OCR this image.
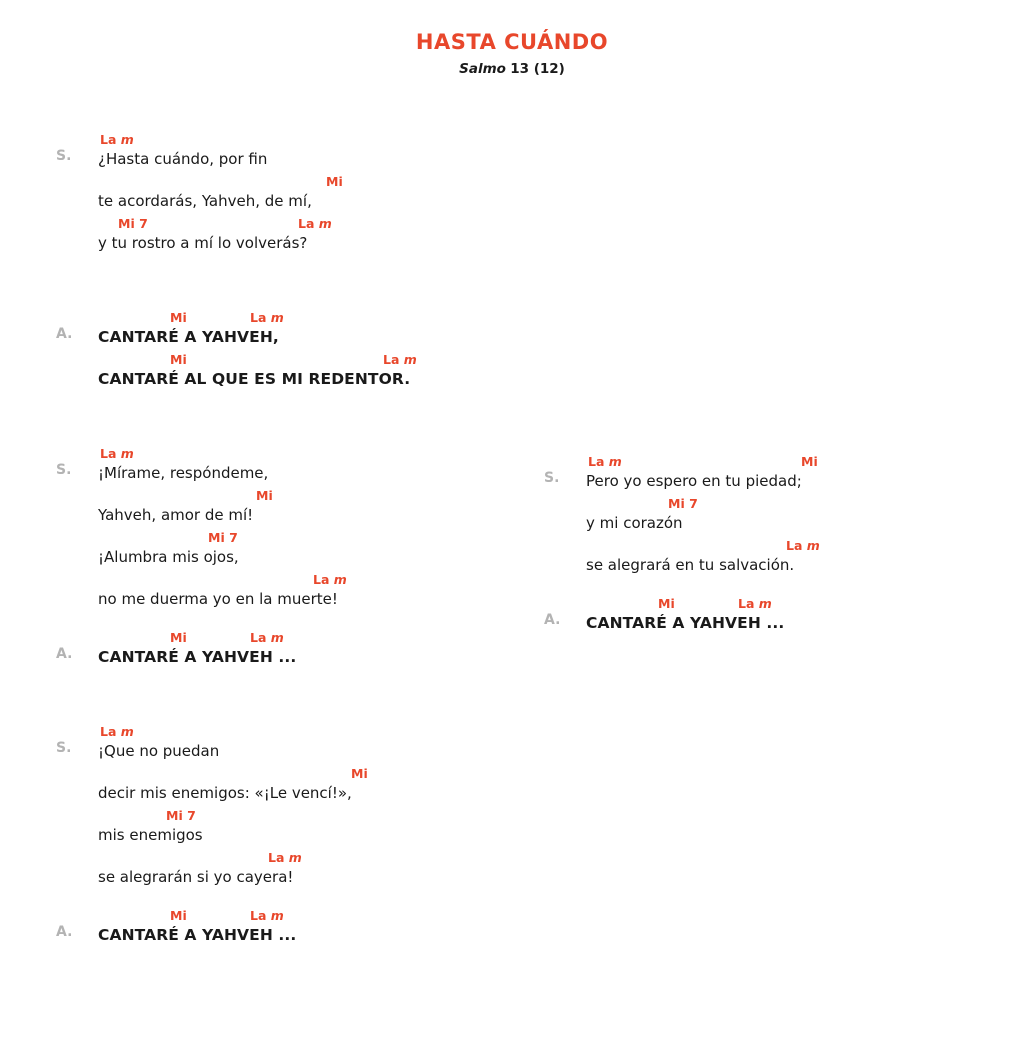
HASTA CUÁNDO
Salmo 13 (12)
S.
La m
¿Hasta cuándo, por fin
Mi
te acordarás, Yahveh, de mí,
Mi 7	La m
y tu rostro a mí lo volverás?
A.
Mi	La m
CANTARÉ A YAHVEH,
Mi	La m
CANTARÉ AL QUE ES MI REDENTOR.
S.
La m
¡Mírame, respóndeme,
Mi
Yahveh, amor de mí!
Mi 7
¡Alumbra mis ojos,
La m
no me duerma yo en la muerte!
A.
Mi	La m
CANTARÉ A YAHVEH ...
S.
La m
¡Que no puedan
Mi
decir mis enemigos: «¡Le vencí!»,
Mi 7
mis enemigos
La m
se alegrarán si yo cayera!
A.
Mi	La m
CANTARÉ A YAHVEH ...
S.
La m	Mi
Pero yo espero en tu piedad;
Mi 7
y mi corazón
La m
se alegrará en tu salvación.
A.
Mi	La m
CANTARÉ A YAHVEH ...
